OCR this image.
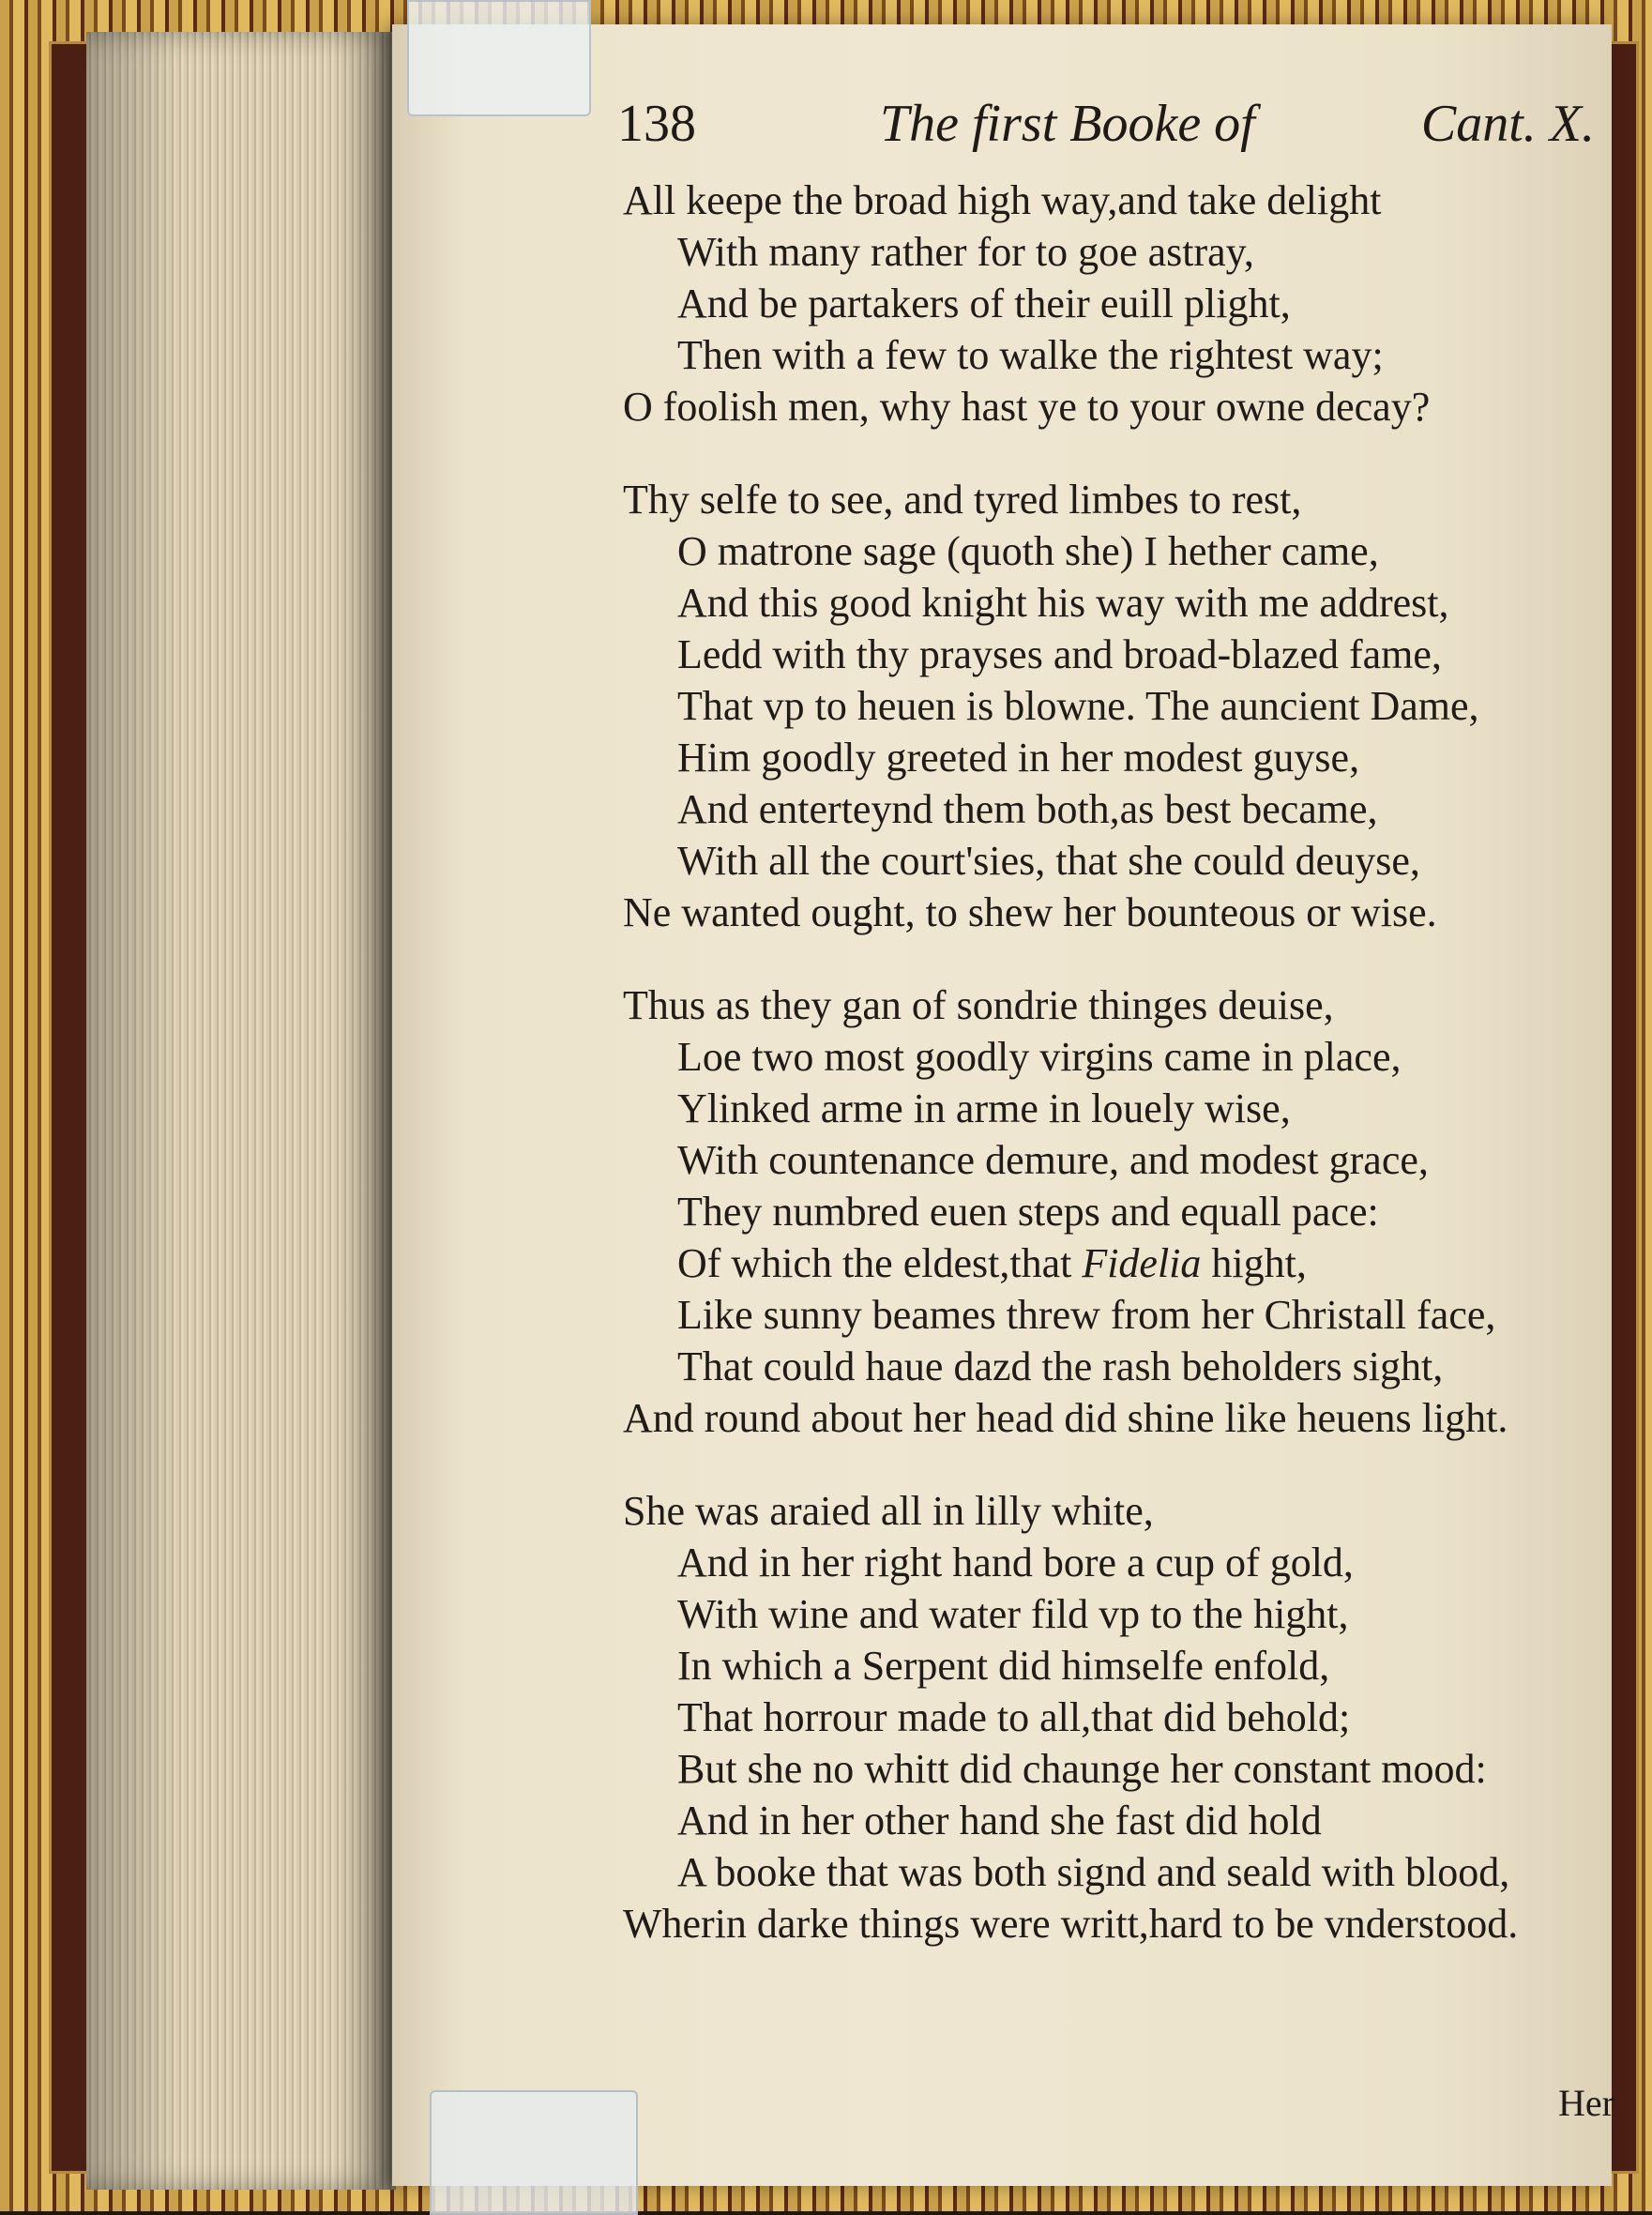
138	The first Booke of	Cant. X.
All keepe the broad high way,and take delight
With many rather for to goe astray,
And be partakers of their euill plight,
Then with a few to walke the rightest way;
O foolish men, why hast ye to your owne decay?
Thy selfe to see, and tyred limbes to rest,
O matrone sage (quoth she) I hether came,
And this good knight his way with me addrest,
Ledd with thy prayses and broad-blazed fame,
That vp to heuen is blowne. The auncient Dame,
Him goodly greeted in her modest guyse,
And enterteynd them both,as best became,
With all the court'sies, that she could deuyse,
Ne wanted ought, to shew her bounteous or wise.
Thus as they gan of sondrie thinges deuise,
Loe two most goodly virgins came in place,
Ylinked arme in arme in louely wise,
With countenance demure, and modest grace,
They numbred euen steps and equall pace:
Of which the eldest,that Fidelia hight,
Like sunny beames threw from her Christall face,
That could haue dazd the rash beholders sight,
And round about her head did shine like heuens light.
She was araied all in lilly white,
And in her right hand bore a cup of gold,
With wine and water fild vp to the hight,
In which a Serpent did himselfe enfold,
That horrour made to all,that did behold;
But she no whitt did chaunge her constant mood:
And in her other hand she fast did hold
A booke that was both signd and seald with blood,
Wherin darke things were writt,hard to be vnderstood.
Her
